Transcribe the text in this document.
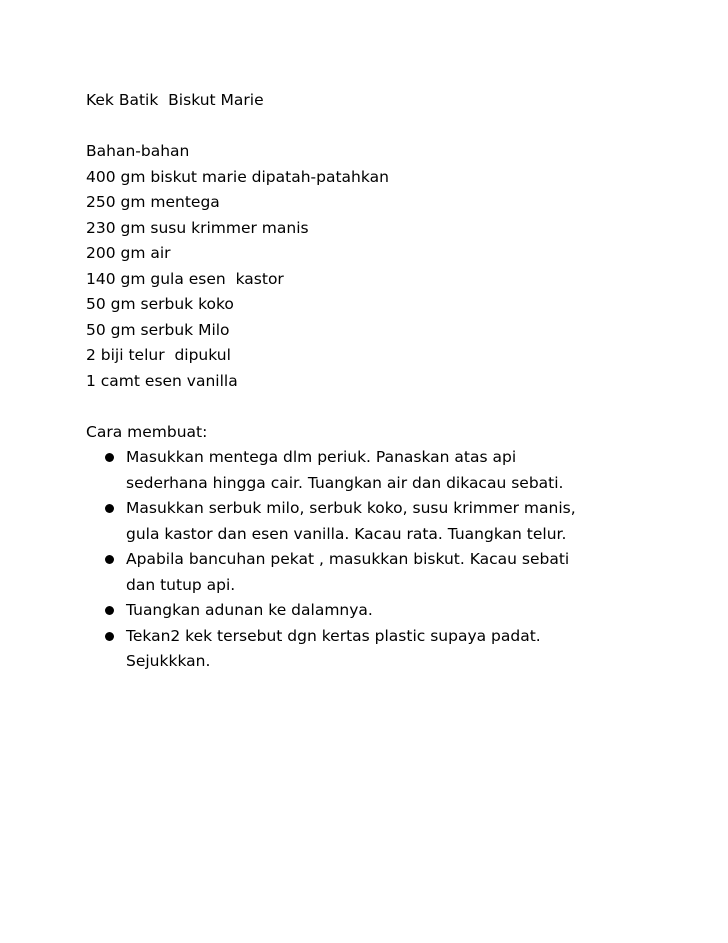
Kek Batik  Biskut Marie
Bahan-bahan
400 gm biskut marie dipatah-patahkan
250 gm mentega
230 gm susu krimmer manis
200 gm air
140 gm gula esen  kastor
50 gm serbuk koko
50 gm serbuk Milo
2 biji telur  dipukul
1 camt esen vanilla
Cara membuat:
Masukkan mentega dlm periuk. Panaskan atas api
sederhana hingga cair. Tuangkan air dan dikacau sebati.
Masukkan serbuk milo, serbuk koko, susu krimmer manis,
gula kastor dan esen vanilla. Kacau rata. Tuangkan telur.
Apabila bancuhan pekat , masukkan biskut. Kacau sebati
dan tutup api.
Tuangkan adunan ke dalamnya.
Tekan2 kek tersebut dgn kertas plastic supaya padat.
Sejukkkan.
